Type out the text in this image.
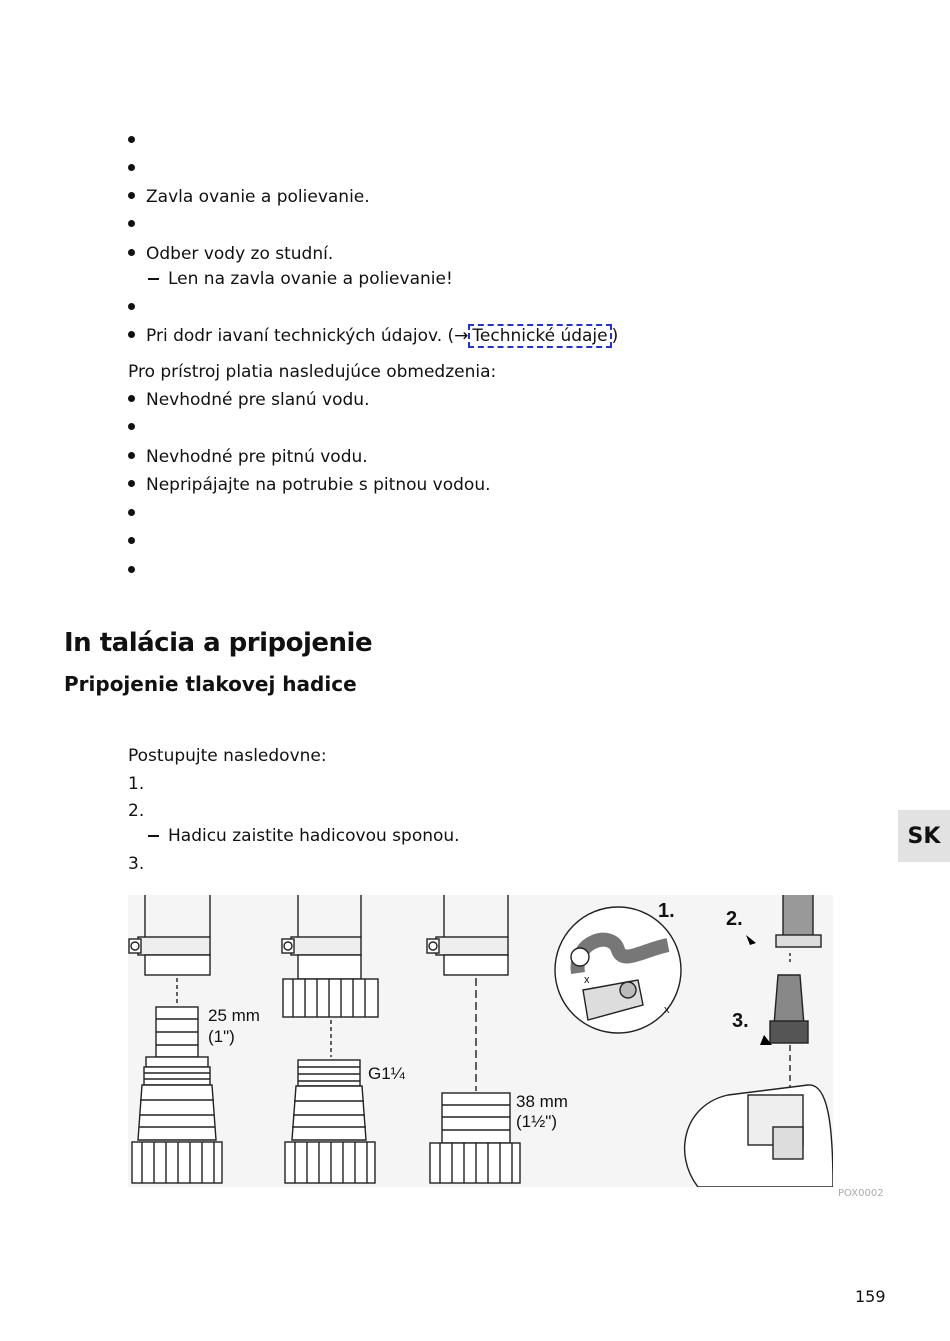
Zavla ovanie a polievanie.
Odber vody zo studní.
Len na zavla ovanie a polievanie!
Pri dodr iavaní technických údajov. (→ Technické údaje )
Pro prístroj platia nasledujúce obmedzenia:
Nevhodné pre slanú vodu.
Nevhodné pre pitnú vodu.
Nepripájajte na potrubie s pitnou vodou.
In talácia a pripojenie
Pripojenie tlakovej hadice
Postupujte nasledovne:
1.
2.
Hadicu zaistite hadicovou sponou.
3.
SK
25 mm
(1")
G1¼
38 mm
(1½")
1.	2.
3.
x
x
POX0002
159
